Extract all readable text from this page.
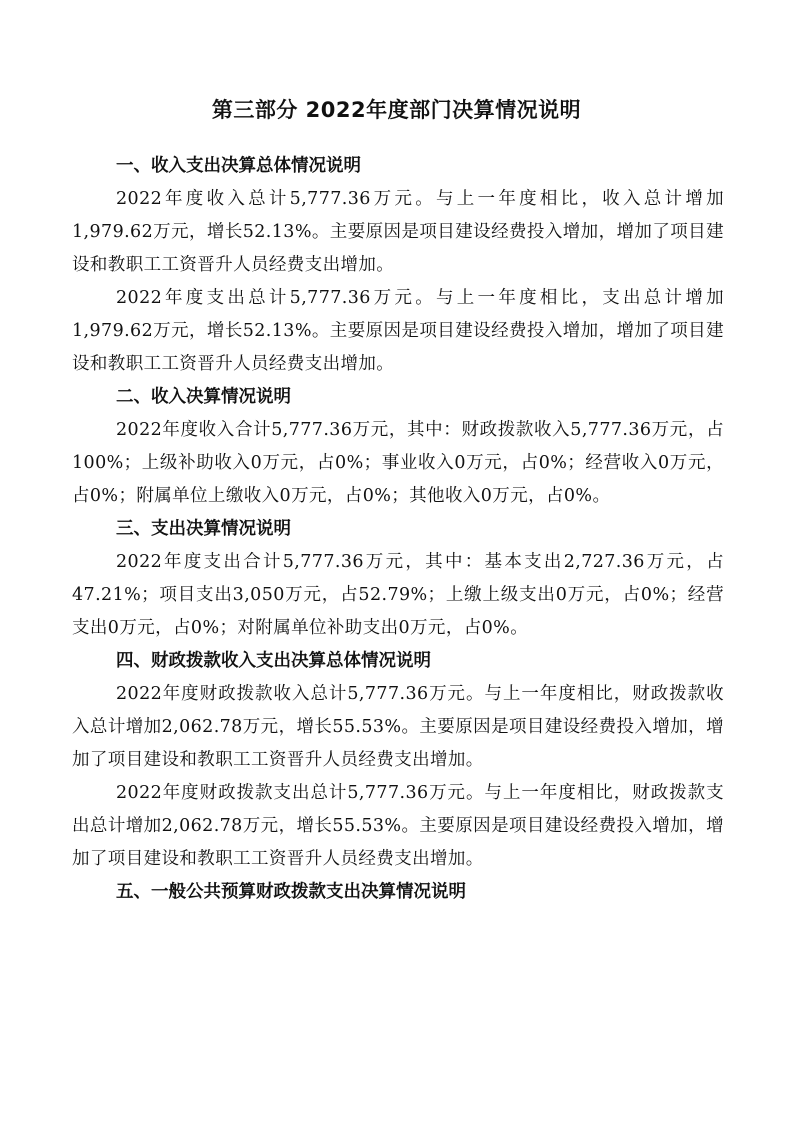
第三部分 2022年度部门决算情况说明

一、收入支出决算总体情况说明

2022年度收入总计5,777.36万元。与上一年度相比，收入总计增加1,979.62万元，增长52.13%。主要原因是项目建设经费投入增加，增加了项目建设和教职工工资晋升人员经费支出增加。

2022年度支出总计5,777.36万元。与上一年度相比，支出总计增加1,979.62万元，增长52.13%。主要原因是项目建设经费投入增加，增加了项目建设和教职工工资晋升人员经费支出增加。

二、收入决算情况说明

2022年度收入合计5,777.36万元，其中：财政拨款收入5,777.36万元，占100%；上级补助收入0万元，占0%；事业收入0万元，占0%；经营收入0万元，占0%；附属单位上缴收入0万元，占0%；其他收入0万元，占0%。

三、支出决算情况说明

2022年度支出合计5,777.36万元，其中：基本支出2,727.36万元，占47.21%；项目支出3,050万元，占52.79%；上缴上级支出0万元，占0%；经营支出0万元，占0%；对附属单位补助支出0万元，占0%。

四、财政拨款收入支出决算总体情况说明

2022年度财政拨款收入总计5,777.36万元。与上一年度相比，财政拨款收入总计增加2,062.78万元，增长55.53%。主要原因是项目建设经费投入增加，增加了项目建设和教职工工资晋升人员经费支出增加。

2022年度财政拨款支出总计5,777.36万元。与上一年度相比，财政拨款支出总计增加2,062.78万元，增长55.53%。主要原因是项目建设经费投入增加，增加了项目建设和教职工工资晋升人员经费支出增加。

五、一般公共预算财政拨款支出决算情况说明
